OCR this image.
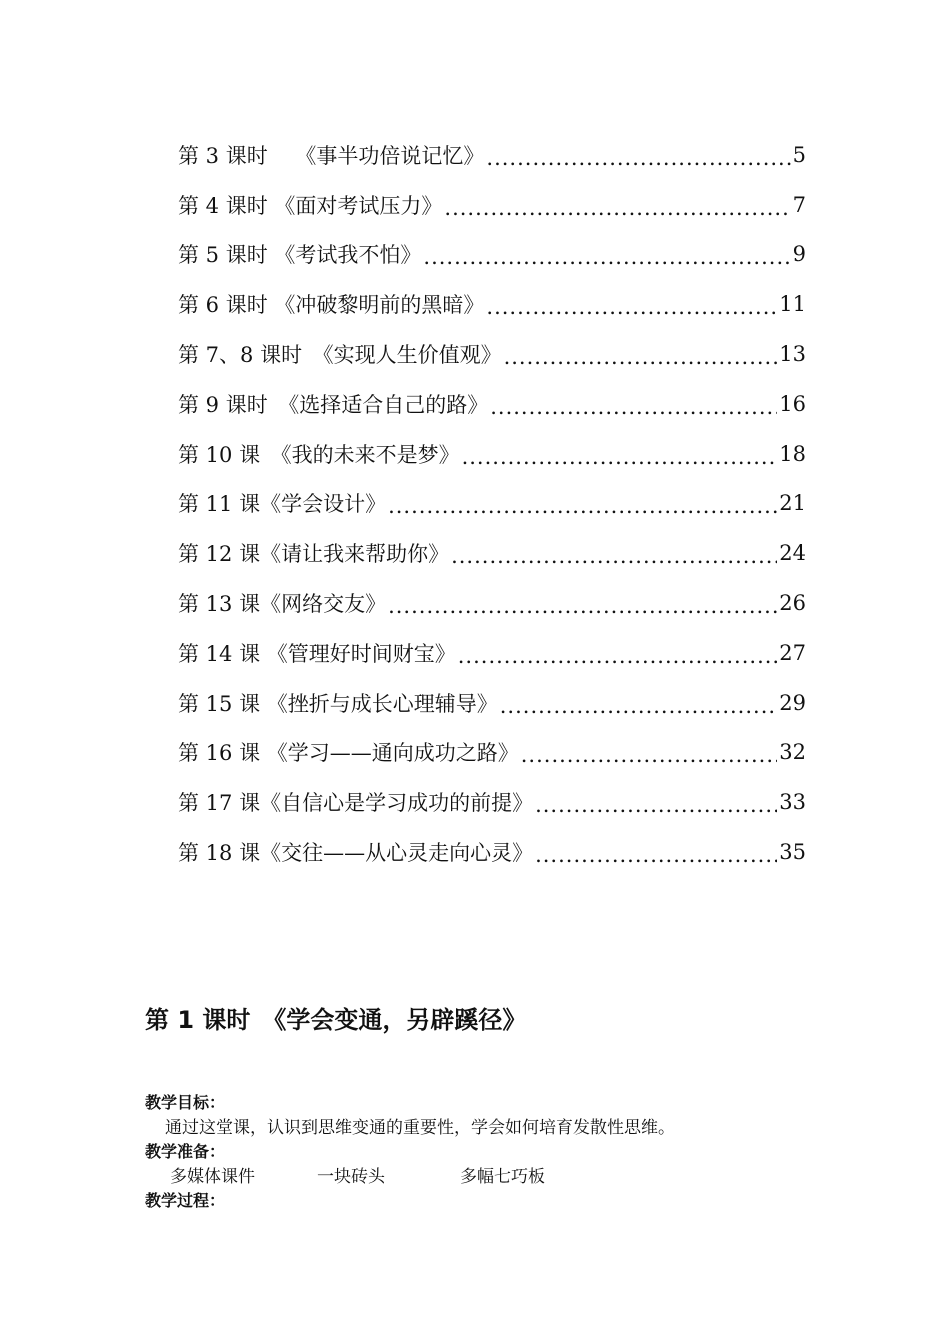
第 3 课时　 《事半功倍说记忆》 .....	5
第 4 课时 《面对考试压力》 .....	7
第 5 课时 《考试我不怕》 .....	9
第 6 课时 《冲破黎明前的黑暗》 .....	11
第 7、8 课时　《实现人生价值观》 .....	13
第 9 课时　《选择适合自己的路》 .....	16
第 10 课　《我的未来不是梦》 .....	18
第 11 课《学会设计》 .....	21
第 12 课《请让我来帮助你》 .....	24
第 13 课《网络交友》 .....	26
第 14 课 《管理好时间财宝》 .....	27
第 15 课 《挫折与成长心理辅导》 .....	29
第 16 课 《学习——通向成功之路》 .....	32
第 17 课《自信心是学习成功的前提》 .....	33
第 18 课《交往——从心灵走向心灵》 .....	35
第 1 课时　《学会变通，另辟蹊径》
教学目标：
通过这堂课，认识到思维变通的重要性，学会如何培育发散性思维。
教学准备：
多媒体课件	一块砖头	多幅七巧板
教学过程：
